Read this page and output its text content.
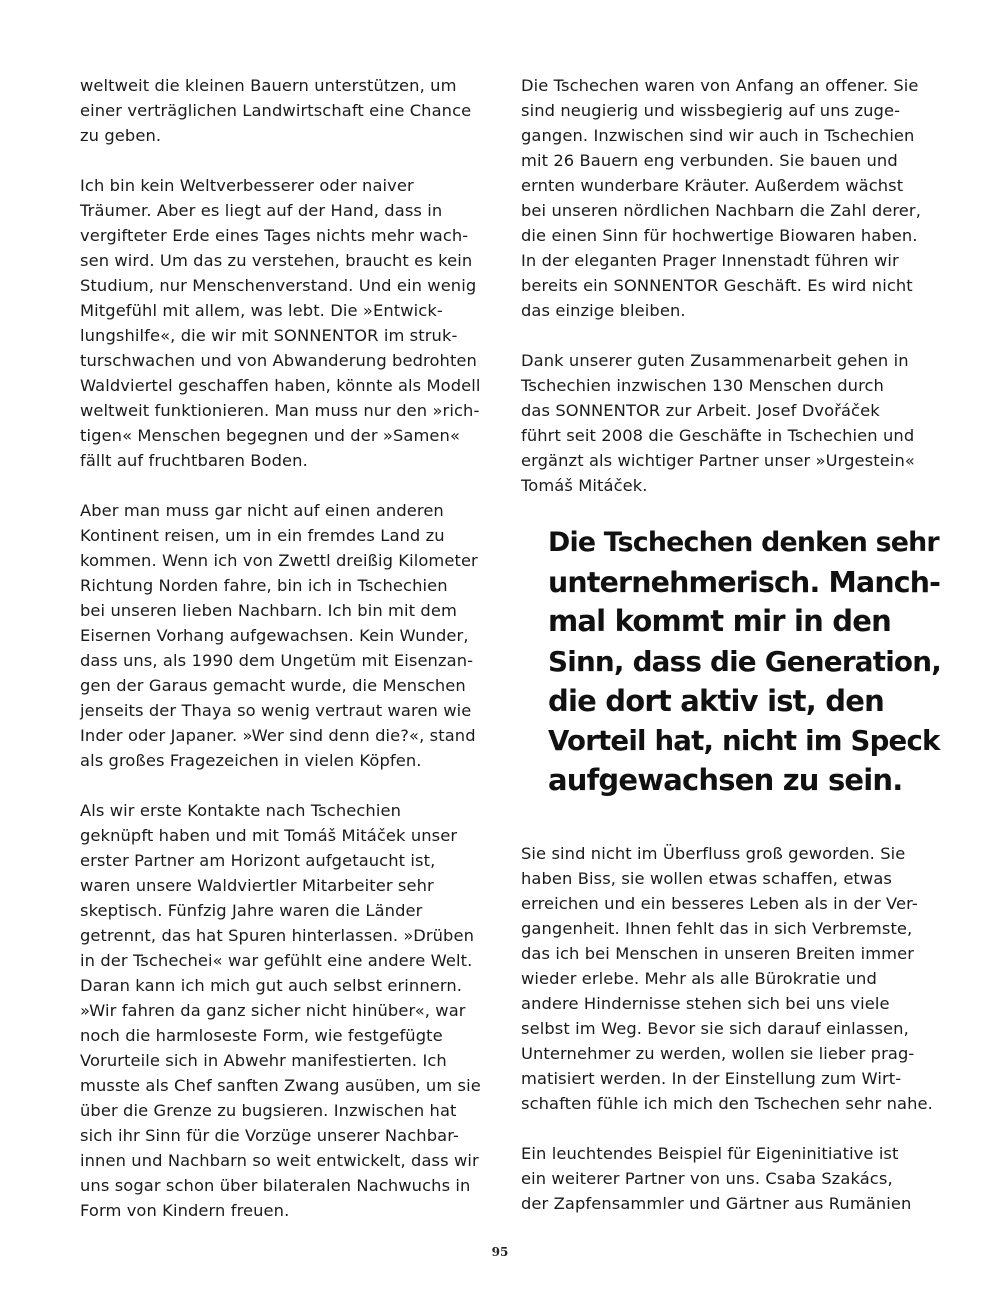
weltweit die kleinen Bauern unterstützen, um
einer verträglichen Landwirtschaft eine Chance
zu geben.
Ich bin kein Weltverbesserer oder naiver
Träumer. Aber es liegt auf der Hand, dass in
vergifteter Erde eines Tages nichts mehr wach-
sen wird. Um das zu verstehen, braucht es kein
Studium, nur Menschenverstand. Und ein wenig
Mitgefühl mit allem, was lebt. Die »Entwick-
lungshilfe«, die wir mit SONNENTOR im struk-
turschwachen und von Abwanderung bedrohten
Waldviertel geschaffen haben, könnte als Modell
weltweit funktionieren. Man muss nur den »rich-
tigen« Menschen begegnen und der »Samen«
fällt auf fruchtbaren Boden.
Aber man muss gar nicht auf einen anderen
Kontinent reisen, um in ein fremdes Land zu
kommen. Wenn ich von Zwettl dreißig Kilometer
Richtung Norden fahre, bin ich in Tschechien
bei unseren lieben Nachbarn. Ich bin mit dem
Eisernen Vorhang aufgewachsen. Kein Wunder,
dass uns, als 1990 dem Ungetüm mit Eisenzan-
gen der Garaus gemacht wurde, die Menschen
jenseits der Thaya so wenig vertraut waren wie
Inder oder Japaner. »Wer sind denn die?«, stand
als großes Fragezeichen in vielen Köpfen.
Als wir erste Kontakte nach Tschechien
geknüpft haben und mit Tomáš Mitáček unser
erster Partner am Horizont aufgetaucht ist,
waren unsere Waldviertler Mitarbeiter sehr
skeptisch. Fünfzig Jahre waren die Länder
getrennt, das hat Spuren hinterlassen. »Drüben
in der Tschechei« war gefühlt eine andere Welt.
Daran kann ich mich gut auch selbst erinnern.
»Wir fahren da ganz sicher nicht hinüber«, war
noch die harmloseste Form, wie festgefügte
Vorurteile sich in Abwehr manifestierten. Ich
musste als Chef sanften Zwang ausüben, um sie
über die Grenze zu bugsieren. Inzwischen hat
sich ihr Sinn für die Vorzüge unserer Nachbar-
innen und Nachbarn so weit entwickelt, dass wir
uns sogar schon über bilateralen Nachwuchs in
Form von Kindern freuen.
Die Tschechen waren von Anfang an offener. Sie
sind neugierig und wissbegierig auf uns zuge-
gangen. Inzwischen sind wir auch in Tschechien
mit 26 Bauern eng verbunden. Sie bauen und
ernten wunderbare Kräuter. Außerdem wächst
bei unseren nördlichen Nachbarn die Zahl derer,
die einen Sinn für hochwertige Biowaren haben.
In der eleganten Prager Innenstadt führen wir
bereits ein SONNENTOR Geschäft. Es wird nicht
das einzige bleiben.
Dank unserer guten Zusammenarbeit gehen in
Tschechien inzwischen 130 Menschen durch
das SONNENTOR zur Arbeit. Josef Dvořáček
führt seit 2008 die Geschäfte in Tschechien und
ergänzt als wichtiger Partner unser »Urgestein«
Tomáš Mitáček.
Die Tschechen denken sehr
unternehmerisch. Manch-
mal kommt mir in den
Sinn, dass die Generation,
die dort aktiv ist, den
Vorteil hat, nicht im Speck
aufgewachsen zu sein.
Sie sind nicht im Überfluss groß geworden. Sie
haben Biss, sie wollen etwas schaffen, etwas
erreichen und ein besseres Leben als in der Ver-
gangenheit. Ihnen fehlt das in sich Verbremste,
das ich bei Menschen in unseren Breiten immer
wieder erlebe. Mehr als alle Bürokratie und
andere Hindernisse stehen sich bei uns viele
selbst im Weg. Bevor sie sich darauf einlassen,
Unternehmer zu werden, wollen sie lieber prag-
matisiert werden. In der Einstellung zum Wirt-
schaften fühle ich mich den Tschechen sehr nahe.
Ein leuchtendes Beispiel für Eigeninitiative ist
ein weiterer Partner von uns. Csaba Szakács,
der Zapfensammler und Gärtner aus Rumänien
95
